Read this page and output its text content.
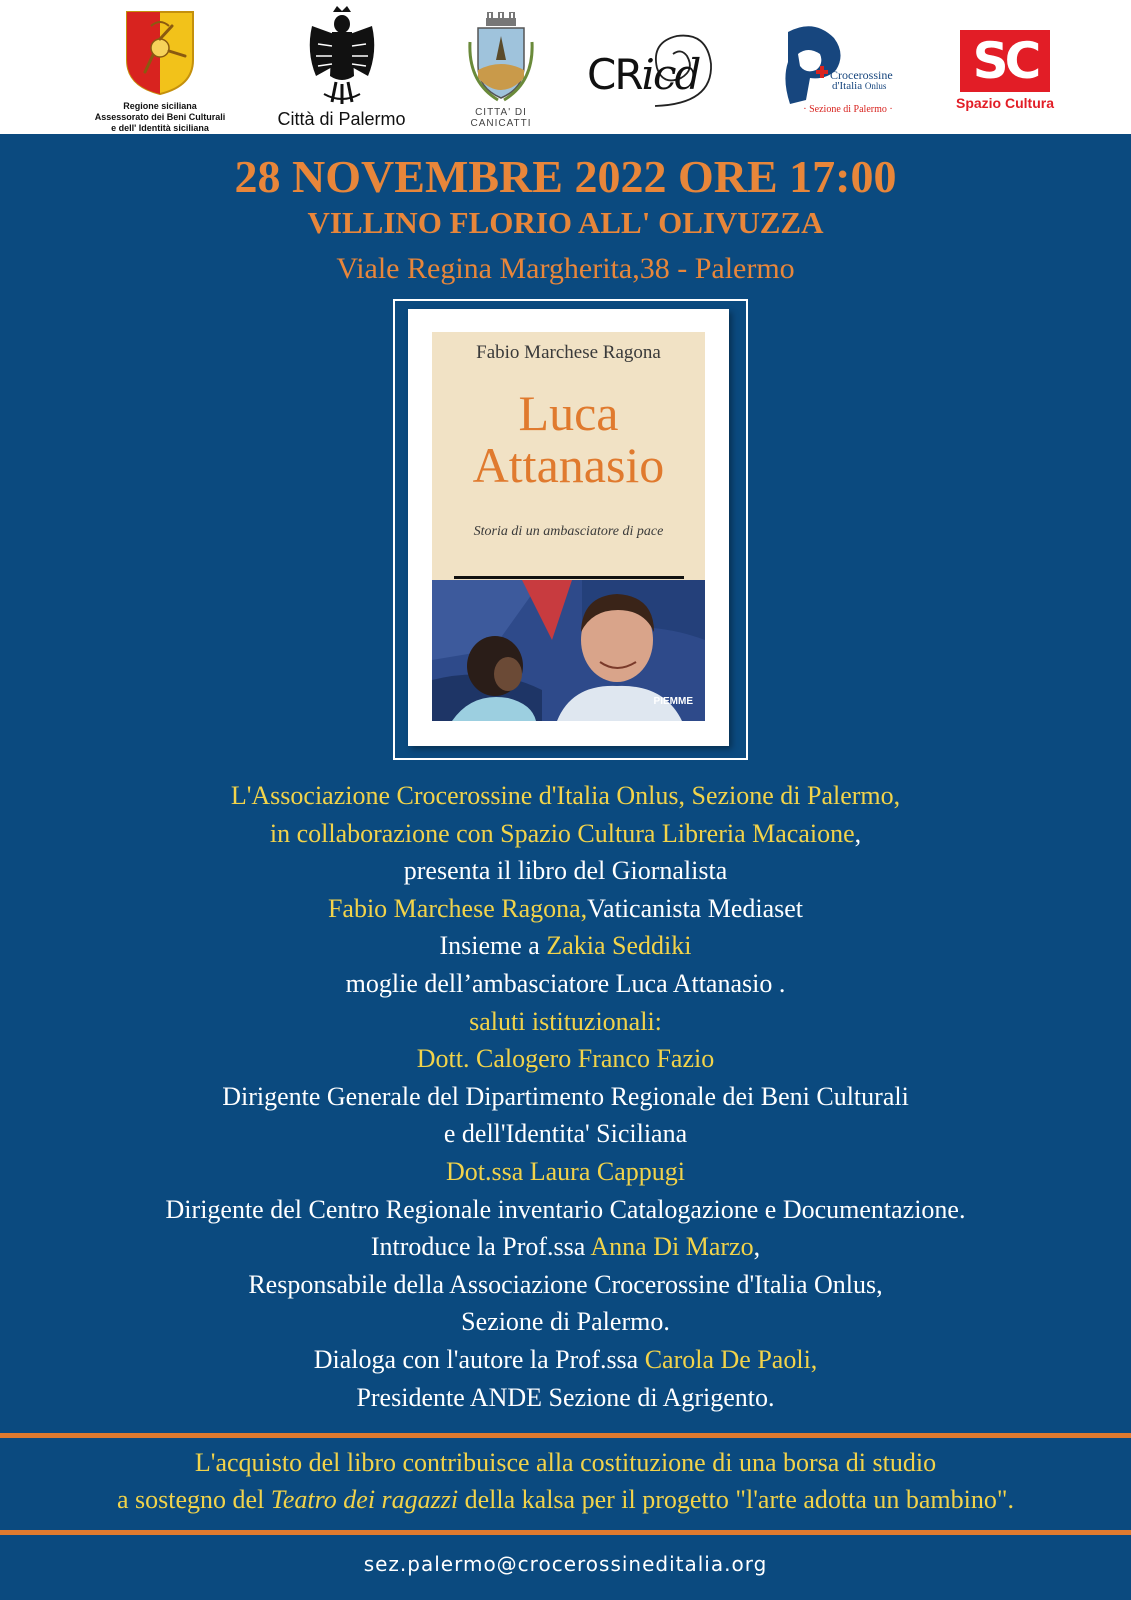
Regione siciliana
Assessorato dei Beni Culturali
e dell' Identità siciliana	Città di Palermo	CITTA' DI
CANICATTI
CRicd	Crocerossine
d'Italia Onlus
· Sezione di Palermo ·
SC
Spazio Cultura
28 NOVEMBRE 2022 ORE 17:00
VILLINO FLORIO ALL' OLIVUZZA
Viale Regina Margherita,38 - Palermo
Fabio Marchese Ragona
Luca
Attanasio
Storia di un ambasciatore di pace
PIEMME
L'Associazione Crocerossine d'Italia Onlus, Sezione di Palermo,
in collaborazione con Spazio Cultura Libreria Macaione,
presenta il libro del Giornalista
Fabio Marchese Ragona,Vaticanista Mediaset
Insieme a Zakia Seddiki
moglie dell’ambasciatore Luca Attanasio .
saluti istituzionali:
Dott. Calogero Franco Fazio
Dirigente Generale del Dipartimento Regionale dei Beni Culturali
e dell'Identita' Siciliana
Dot.ssa Laura Cappugi
Dirigente del Centro Regionale inventario Catalogazione e Documentazione.
Introduce la Prof.ssa Anna Di Marzo,
Responsabile della Associazione Crocerossine d'Italia Onlus,
Sezione di Palermo.
Dialoga con l'autore la Prof.ssa Carola De Paoli,
Presidente ANDE Sezione di Agrigento.
L'acquisto del libro contribuisce alla costituzione di una borsa di studio
a sostegno del Teatro dei ragazzi della kalsa per il progetto "l'arte adotta un bambino".
sez.palermo@crocerossineditalia.org
